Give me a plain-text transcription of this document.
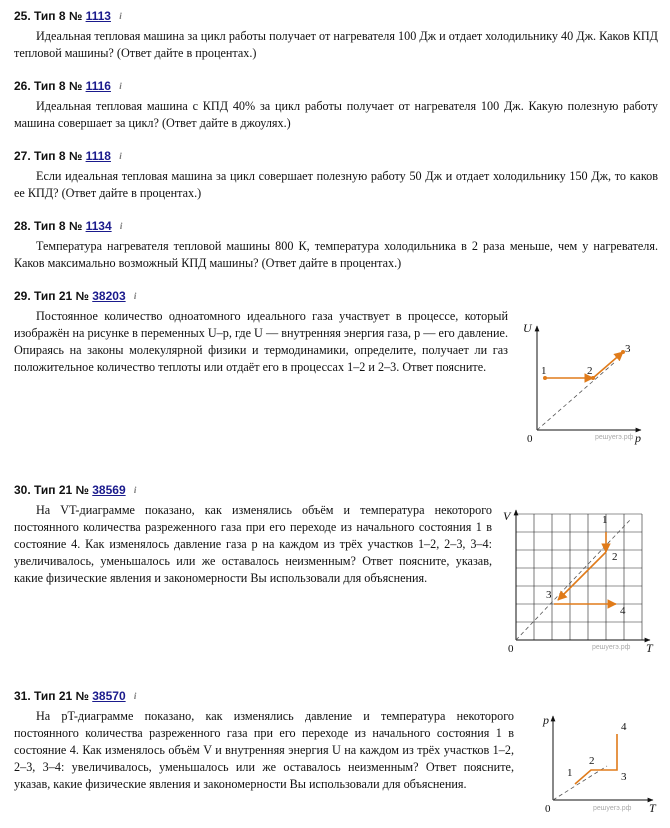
25. Тип 8 № 1113 i
Идеальная тепловая машина за цикл работы получает от нагревателя 100 Дж и отдает холодильнику 40 Дж. Каков КПД тепловой машины? (Ответ дайте в процентах.)
26. Тип 8 № 1116 i
Идеальная тепловая машина с КПД 40% за цикл работы получает от нагревателя 100 Дж. Какую полезную работу машина совершает за цикл? (Ответ дайте в джоулях.)
27. Тип 8 № 1118 i
Если идеальная тепловая машина за цикл совершает полезную работу 50 Дж и отдает холодильнику 150 Дж, то каков ее КПД? (Ответ дайте в процентах.)
28. Тип 8 № 1134 i
Температура нагревателя тепловой машины 800 К, температура холодильника в 2 раза меньше, чем у нагревателя. Каков максимально возможный КПД машины? (Ответ дайте в процентах.)
29. Тип 21 № 38203 i
Постоянное количество одноатомного идеального газа участвует в процессе, который изображён на рисунке в переменных U–p, где U — внутренняя энергия газа, p — его давление. Опираясь на законы молекулярной физики и термодинамики, определите, получает ли газ положительное количество теплоты или отдаёт его в процессах 1–2 и 2–3. Ответ поясните.
U
p
0
1	2
3
решуегэ.рф
30. Тип 21 № 38569 i
На VT-диаграмме показано, как изменялись объём и температура некоторого постоянного количества разреженного газа при его переходе из начального состояния 1 в состояние 4. Как изменялось давление газа p на каждом из трёх участков 1–2, 2–3, 3–4: увеличивалось, уменьшалось или же оставалось неизменным? Ответ поясните, указав, какие физические явления и закономерности Вы использовали для объяснения.
V
T
0
1
2
3
4
решуегэ.рф
31. Тип 21 № 38570 i
На pT-диаграмме показано, как изменялись давление и температура некоторого постоянного количества разреженного газа при его переходе из начального состояния 1 в состояние 4. Как изменялось объём V и внутренняя энергия U на каждом из трёх участков 1–2, 2–3, 3–4: увеличивалось, уменьшалось или же оставалось неизменным? Ответ поясните, указав, какие физические явления и закономерности Вы использовали для объяснения.
p
T
0
1
2
3
4
решуегэ.рф
